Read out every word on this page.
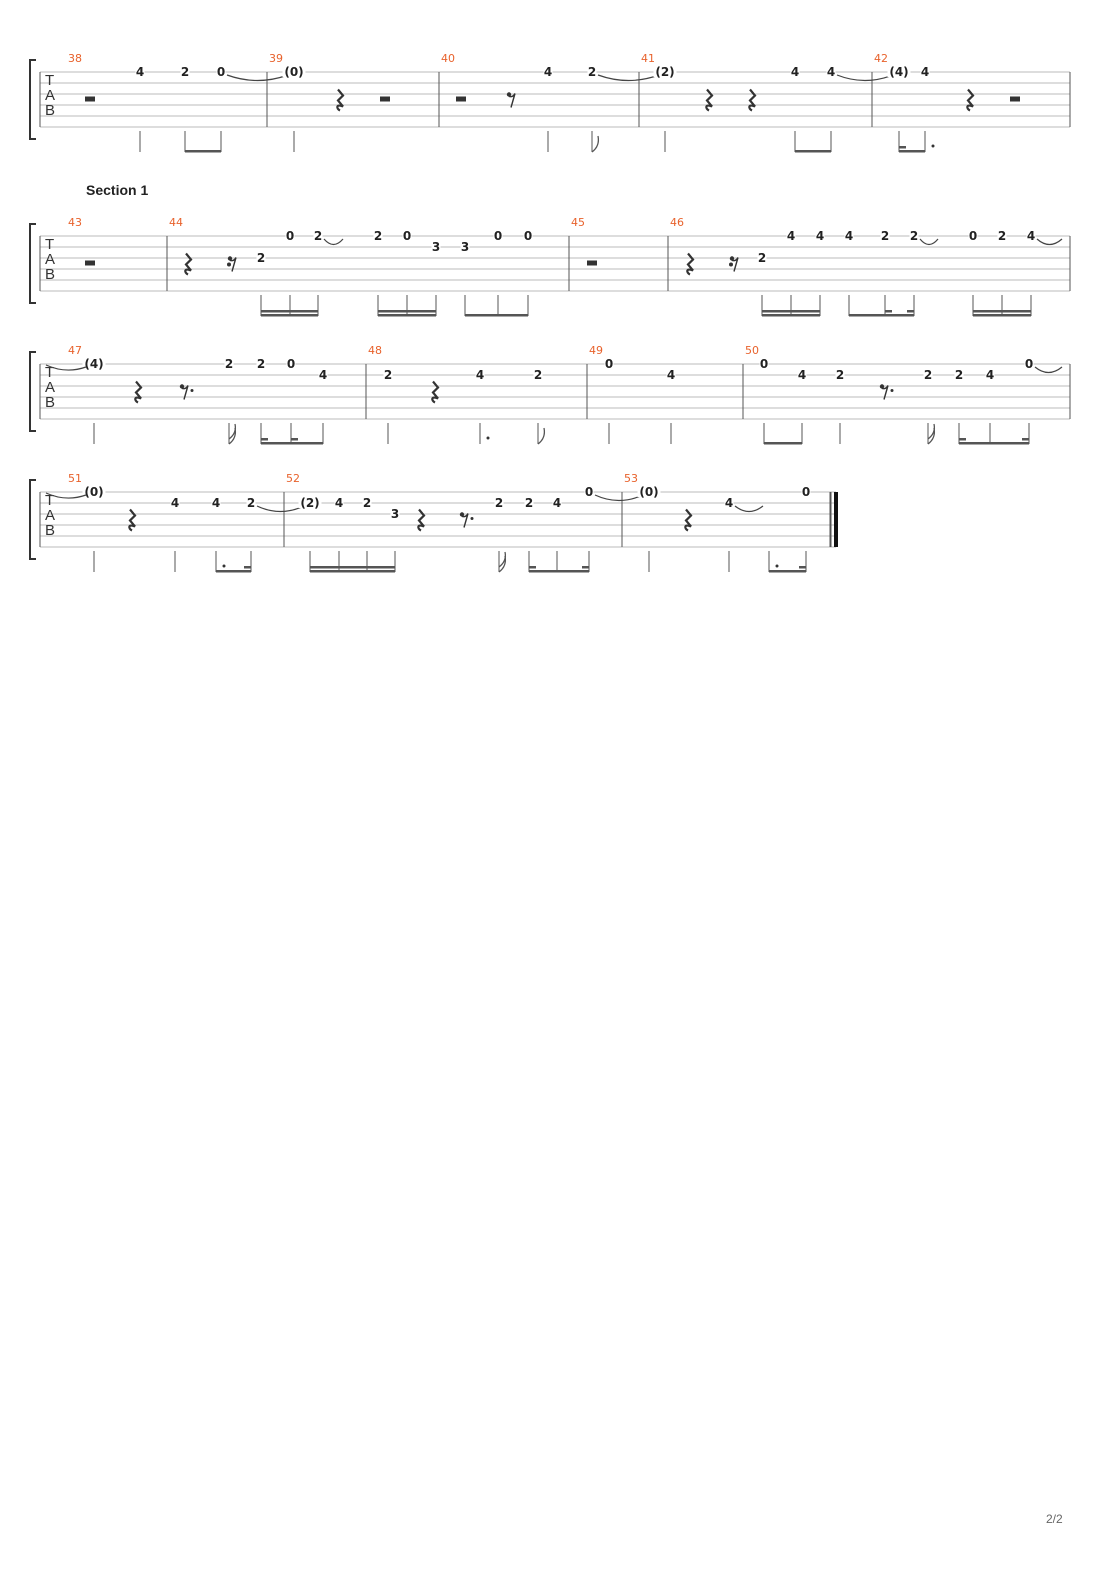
T
A
B
38
4	2 0
39
(0)
40
4	2
41
(2)	4 4
42
(4) 4
T
A
B
43	44
2
0 2	2 0
3 3
0 0
45	46
2
4 4 4 2 2	0 2 4
T
A
B
47
(4)	2 2 0
4
48
2	4	2
49
0
4
50
0
4 2	2 2 4
0
T
A
B
51
(0)
4	4 2
52
(2) 4 2
3
2 2 4
0
53
(0)
4
0
Section 1
2/2
